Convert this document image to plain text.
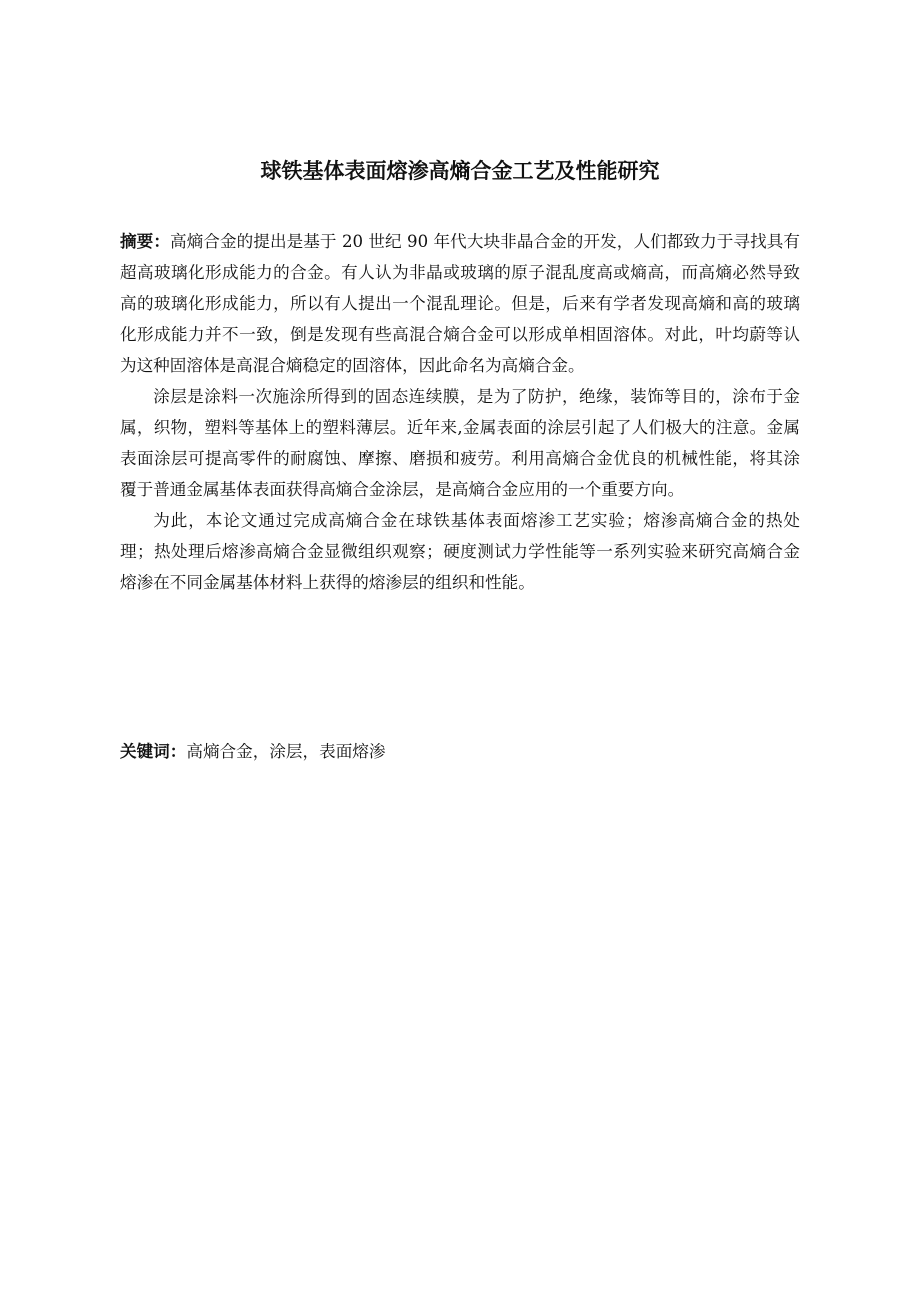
球铁基体表面熔渗高熵合金工艺及性能研究

摘要：高熵合金的提出是基于 20 世纪 90 年代大块非晶合金的开发，人们都致力于寻找具有超高玻璃化形成能力的合金。有人认为非晶或玻璃的原子混乱度高或熵高，而高熵必然导致高的玻璃化形成能力，所以有人提出一个混乱理论。但是，后来有学者发现高熵和高的玻璃化形成能力并不一致，倒是发现有些高混合熵合金可以形成单相固溶体。对此，叶均蔚等认为这种固溶体是高混合熵稳定的固溶体，因此命名为高熵合金。

涂层是涂料一次施涂所得到的固态连续膜，是为了防护，绝缘，装饰等目的，涂布于金属，织物，塑料等基体上的塑料薄层。近年来,金属表面的涂层引起了人们极大的注意。金属表面涂层可提高零件的耐腐蚀、摩擦、磨损和疲劳。利用高熵合金优良的机械性能，将其涂覆于普通金属基体表面获得高熵合金涂层，是高熵合金应用的一个重要方向。

为此，本论文通过完成高熵合金在球铁基体表面熔渗工艺实验；熔渗高熵合金的热处理；热处理后熔渗高熵合金显微组织观察；硬度测试力学性能等一系列实验来研究高熵合金熔渗在不同金属基体材料上获得的熔渗层的组织和性能。

关键词：高熵合金，涂层，表面熔渗
